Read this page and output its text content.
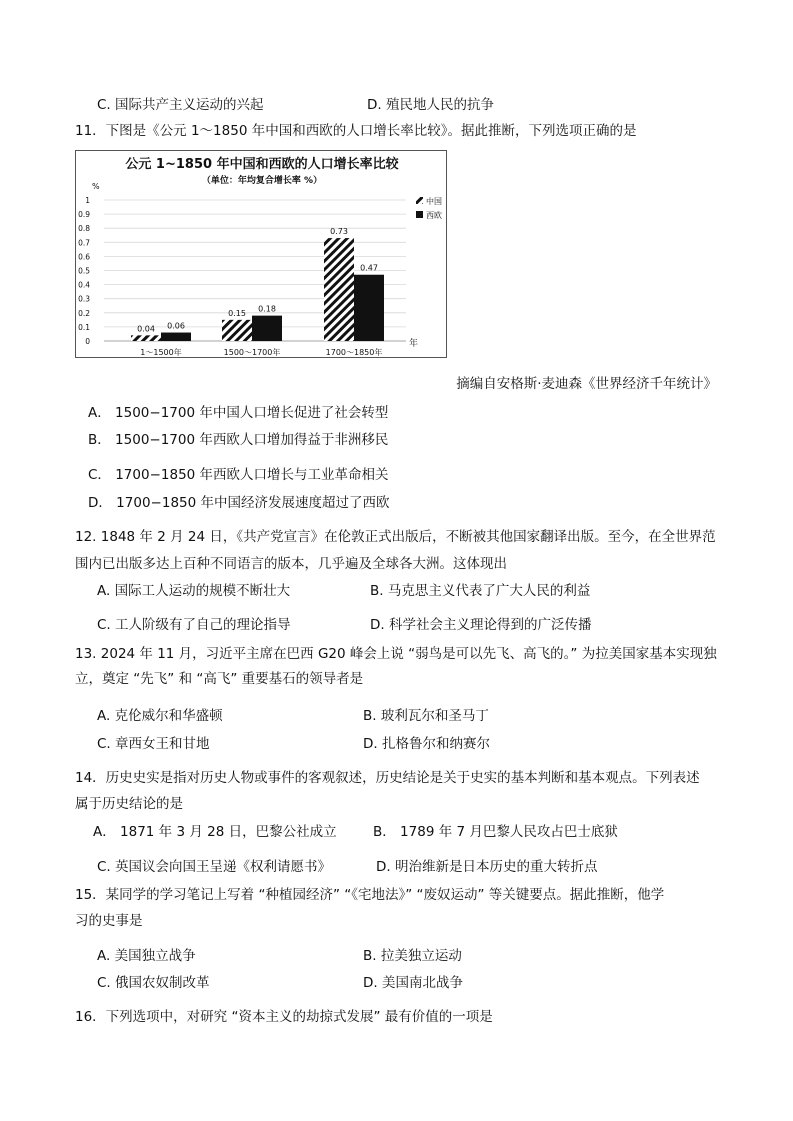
C. 国际共产主义运动的兴起	D. 殖民地人民的抗争
11．下图是《公元 1～1850 年中国和西欧的人口增长率比较》。据此推断，下列选项正确的是
公元 1~1850 年中国和西欧的人口增长率比较
（单位：年均复合增长率 %）
%
年
0
0.1
0.2
0.3
0.4
0.5
0.6
0.7
0.8
0.9
1
0.04 0.06
1～1500年
0.15 0.18
1500～1700年
0.73
0.47
1700～1850年
中国
西欧
摘编自安格斯·麦迪森《世界经济千年统计》
A． 1500−1700 年中国人口增长促进了社会转型
B． 1500−1700 年西欧人口增加得益于非洲移民
C． 1700−1850 年西欧人口增长与工业革命相关
D． 1700−1850 年中国经济发展速度超过了西欧
12. 1848 年 2 月 24 日，《共产党宣言》在伦敦正式出版后，不断被其他国家翻译出版。至今，在全世界范
围内已出版多达上百种不同语言的版本，几乎遍及全球各大洲。这体现出
A. 国际工人运动的规模不断壮大	B. 马克思主义代表了广大人民的利益
C. 工人阶级有了自己的理论指导	D. 科学社会主义理论得到的广泛传播
13. 2024 年 11 月，习近平主席在巴西 G20 峰会上说 “弱鸟是可以先飞、高飞的。” 为拉美国家基本实现独
立，奠定 “先飞” 和 “高飞” 重要基石的领导者是
A. 克伦威尔和华盛顿	B. 玻利瓦尔和圣马丁
C. 章西女王和甘地	D. 扎格鲁尔和纳赛尔
14．历史史实是指对历史人物或事件的客观叙述，历史结论是关于史实的基本判断和基本观点。下列表述
属于历史结论的是
A． 1871 年 3 月 28 日，巴黎公社成立	B． 1789 年 7 月巴黎人民攻占巴士底狱
C. 英国议会向国王呈递《权利请愿书》	D. 明治维新是日本历史的重大转折点
15．某同学的学习笔记上写着 “种植园经济” “《宅地法》” “废奴运动” 等关键要点。据此推断，他学
习的史事是
A. 美国独立战争	B. 拉美独立运动
C. 俄国农奴制改革	D. 美国南北战争
16．下列选项中，对研究 “资本主义的劫掠式发展” 最有价值的一项是
